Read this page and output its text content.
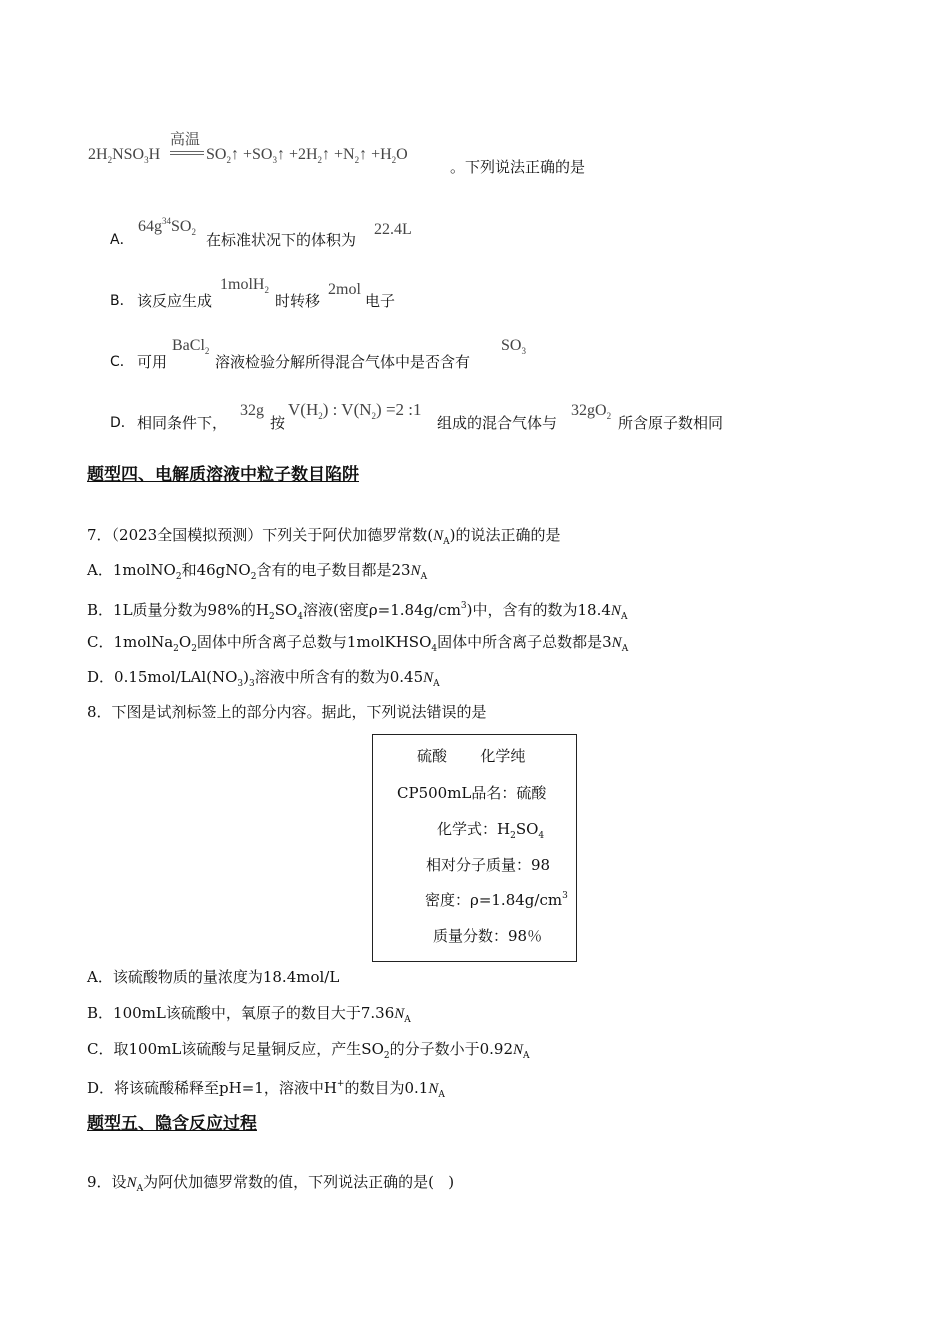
$2H_2NSO_3H$
高温
$SO_2↑$ $+SO_3↑$ $+2H_2↑$ $+N_2↑ +H_2O$
。下列说法正确的是
A．
$64g^{34}SO_2$ 在标准状况下的体积为
22.4L
B． 该反应生成
1molH$_2$
时转移
2mol
电子
C． 可用
BaCl$_2$
溶液检验分解所得混合气体中是否含有
$SO_3$
D． 相同条件下，
32g
按
$V(H_2)$ : $V(N_2) =2$ :1
组成的混合气体与
$32gO_2$ 所含原子数相同
题型四、电解质溶液中粒子数目陷阱
7．（2023全国模拟预测）下列关于阿伏加德罗常数$(N_A)$的说法正确的是
A．1molNO$_2$和46gNO$_2$含有的电子数目都是$23N_A$
B．1L质量分数为98%的$H_2SO_4$溶液(密度$\rho=1.84g/cm^3$)中，含有的数为$18.4N_A$
C．$1molNa_2O_2$固体中所含离子总数与1molKHSO$_4$固体中所含离子总数都是$3N_A$
D．$0.15mol/LAl(NO_3)_3$溶液中所含有的数为$0.45N_A$
8．下图是试剂标签上的部分内容。据此，下列说法错误的是
硫酸       化学纯
CP500mL品名：硫酸
化学式：$H_2SO_4$
相对分子质量：98
密度：$\rho=1.84g/cm^3$
质量分数：98％
A．该硫酸物质的量浓度为18.4mol/L
B．100mL该硫酸中，氧原子的数目大于$7.36N_A$
C．取100mL该硫酸与足量铜反应，产生$SO_2$的分子数小于$0.92N_A$
D．将该硫酸稀释至pH=1，溶液中H+的数目为$0.1N_A$
题型五、隐含反应过程
9．设$N_A$为阿伏加德罗常数的值，下列说法正确的是(   )
